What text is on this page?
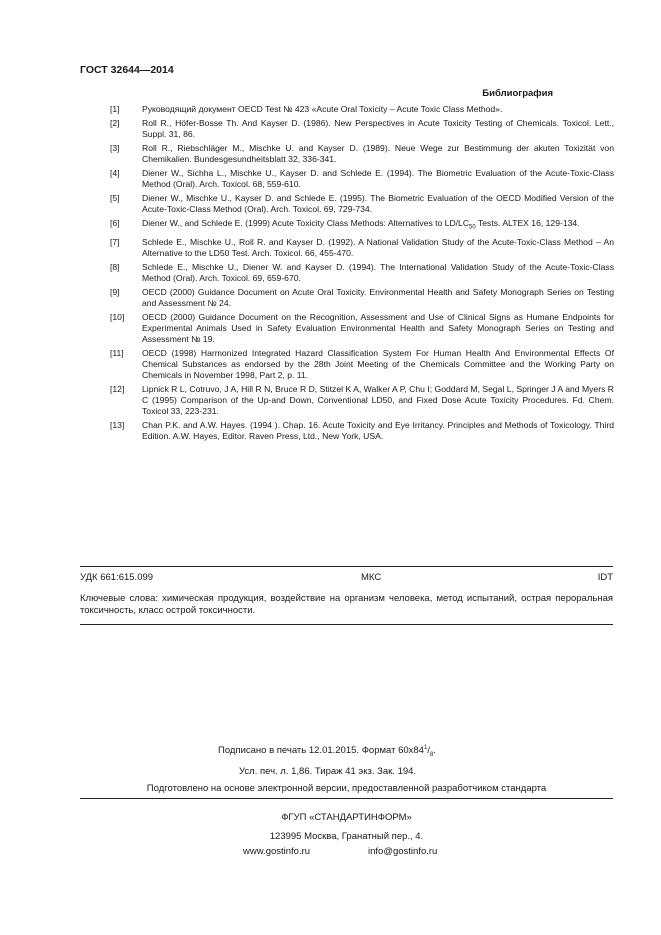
ГОСТ 32644—2014
Библиография
[1]	Руководящий документ OECD Test № 423 «Acute Oral Toxicity – Acute Toxic Class Method».
[2]	Roll R., Höfer-Bosse Th. And Kayser D. (1986). New Perspectives in Acute Toxicity Testing of Chemicals. Toxicol. Lett., Suppl. 31, 86.
[3]	Roll R., Riebschläger M., Mischke U. and Kayser D. (1989). Neue Wege zur Bestimmung der akuten Toxizität von Chemikalien. Bundesgesundheitsblatt 32, 336-341.
[4]	Diener W., Sichha L., Mischke U., Kayser D. and Schlede E. (1994). The Biometric Evaluation of the Acute-Toxic-Class Method (Oral). Arch. Toxicol. 68, 559-610.
[5]	Diener W., Mischke U., Kayser D. and Schlede E. (1995). The Biometric Evaluation of the OECD Modified Version of the Acute-Toxic-Class Method (Oral). Arch. Toxicol. 69, 729-734.
[6]	Diener W., and Schlede E. (1999) Acute Toxicity Class Methods: Alternatives to $LD/LC_{50}$ Tests. ALTEX 16, 129-134.
[7]	Schlede E., Mischke U., Roll R. and Kayser D. (1992). A National Validation Study of the Acute-Toxic-Class Method – An Alternative to the LD50 Test. Arch. Toxicol. 66, 455-470.
[8]	Schlede E., Mischke U., Diener W. and Kayser D. (1994). The International Validation Study of the Acute-Toxic-Class Method (Oral). Arch. Toxicol. 69, 659-670.
[9]	OECD (2000) Guidance Document on Acute Oral Toxicity. Environmental Health and Safety Monograph Series on Testing and Assessment № 24.
[10]	OECD (2000) Guidance Document on the Recognition, Assessment and Use of Clinical Signs as Humane Endpoints for Experimental Animals Used in Safety Evaluation Environmental Health and Safety Monograph Series on Testing and Assessment № 19.
[11]	OECD (1998) Harmonized Integrated Hazard Classification System For Human Health And Environmental Effects Of Chemical Substances as endorsed by the 28th Joint Meeting of the Chemicals Committee and the Working Party on Chemicals in November 1998, Part 2, p. 11.
[12]	Lipnick R L, Cotruvo, J A, Hill R N, Bruce R D, Stitzel K A, Walker A P, Chu I; Goddard M, Segal L, Springer J A and Myers R C (1995) Comparison of the Up-and Down, Conventional LD50, and Fixed Dose Acute Toxicity Procedures. Fd. Chem. Toxicol 33, 223-231.
[13]	Chan P.K. and A.W. Hayes. (1994 ). Chap. 16. Acute Toxicity and Eye Irritancy. Principles and Methods of Toxicology. Third Edition. A.W. Hayes, Editor. Raven Press, Ltd., New York, USA.
УДК 661:615.099	МКС	IDT
Ключевые слова: химическая продукция, воздействие на организм человека, метод испытаний, острая пероральная токсичность, класс острой токсичности.
Подписано в печать 12.01.2015. Формат $60x84^1/_8$.
Усл. печ. л. 1,86. Тираж 41 экз. Зак. 194.
Подготовлено на основе электронной версии, предоставленной разработчиком стандарта
ФГУП «СТАНДАРТИНФОРМ»
123995 Москва, Гранатный пер., 4.
www.gostinfo.ru	info@gostinfo.ru
